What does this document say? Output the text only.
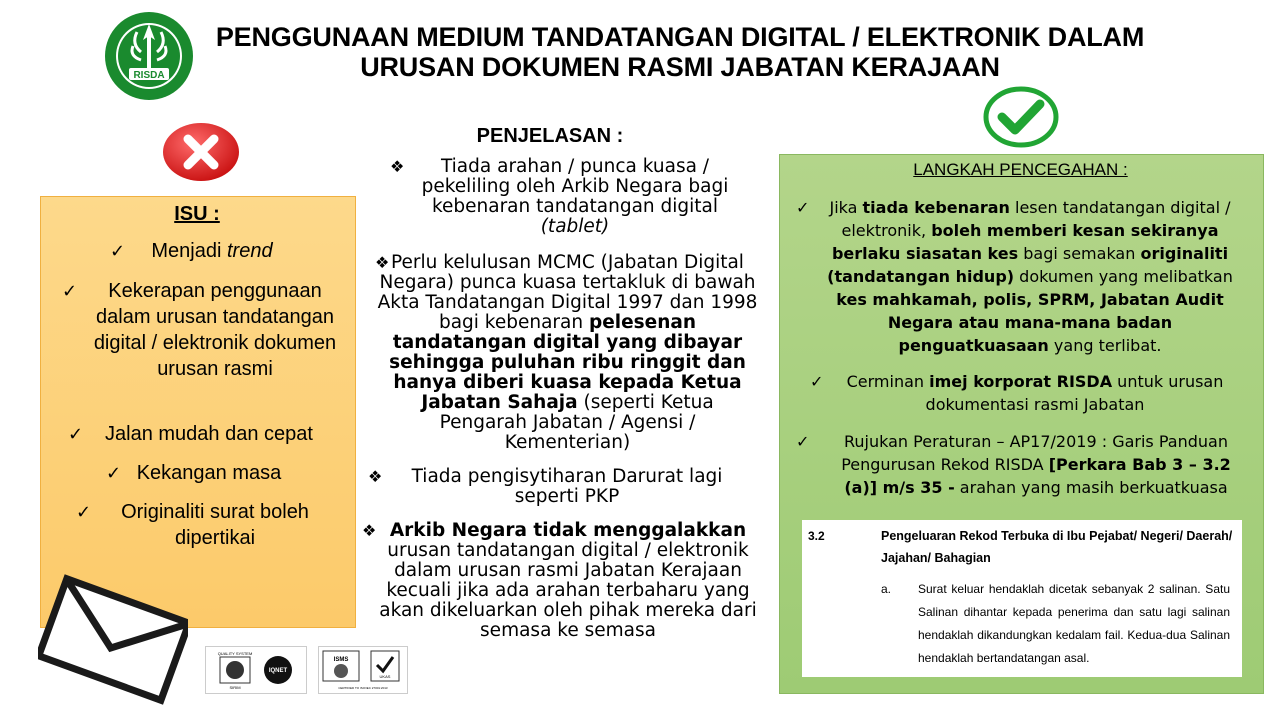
RISDA
PENGGUNAAN MEDIUM TANDATANGAN DIGITAL / ELEKTRONIK DALAM
URUSAN DOKUMEN RASMI JABATAN KERAJAAN
ISU :
✓ Menjadi trend
✓ Kekerapan penggunaan dalam urusan tandatangan digital / elektronik dokumen urusan rasmi
✓ Jalan mudah dan cepat
✓ Kekangan masa
✓ Originaliti surat boleh dipertikai
QUALITY SYSTEM
SIRIM
IQNET
ISMS
UKAS
CERTIFIED TO ISO/IEC 27001:2013
PENJELASAN :
❖ Tiada arahan / punca kuasa / pekeliling oleh Arkib Negara bagi kebenaran tandatangan digital
(tablet)
❖ Perlu kelulusan MCMC (Jabatan Digital Negara) punca kuasa tertakluk di bawah Akta Tandatangan Digital 1997 dan 1998 bagi kebenaran pelesenan tandatangan digital yang dibayar sehingga puluhan ribu ringgit dan hanya diberi kuasa kepada Ketua Jabatan Sahaja (seperti Ketua Pengarah Jabatan / Agensi / Kementerian)
❖ Tiada pengisytiharan Darurat lagi seperti PKP
❖ Arkib Negara tidak menggalakkan urusan tandatangan digital / elektronik dalam urusan rasmi Jabatan Kerajaan kecuali jika ada arahan terbaharu yang akan dikeluarkan oleh pihak mereka dari semasa ke semasa
LANGKAH PENCEGAHAN :
✓ Jika tiada kebenaran lesen tandatangan digital / elektronik, boleh memberi kesan sekiranya berlaku siasatan kes bagi semakan originaliti (tandatangan hidup) dokumen yang melibatkan kes mahkamah, polis, SPRM, Jabatan Audit Negara atau mana-mana badan penguatkuasaan yang terlibat.
✓ Cerminan imej korporat RISDA untuk urusan dokumentasi rasmi Jabatan
✓ Rujukan Peraturan – AP17/2019 : Garis Panduan Pengurusan Rekod RISDA [Perkara Bab 3 – 3.2 (a)] m/s 35 - arahan yang masih berkuatkuasa
3.2	Pengeluaran Rekod Terbuka di Ibu Pejabat/ Negeri/ Daerah/ Jajahan/ Bahagian
a. Surat keluar hendaklah dicetak sebanyak 2 salinan. Satu Salinan dihantar kepada penerima dan satu lagi salinan hendaklah dikandungkan kedalam fail. Kedua-dua Salinan hendaklah bertandatangan asal.
